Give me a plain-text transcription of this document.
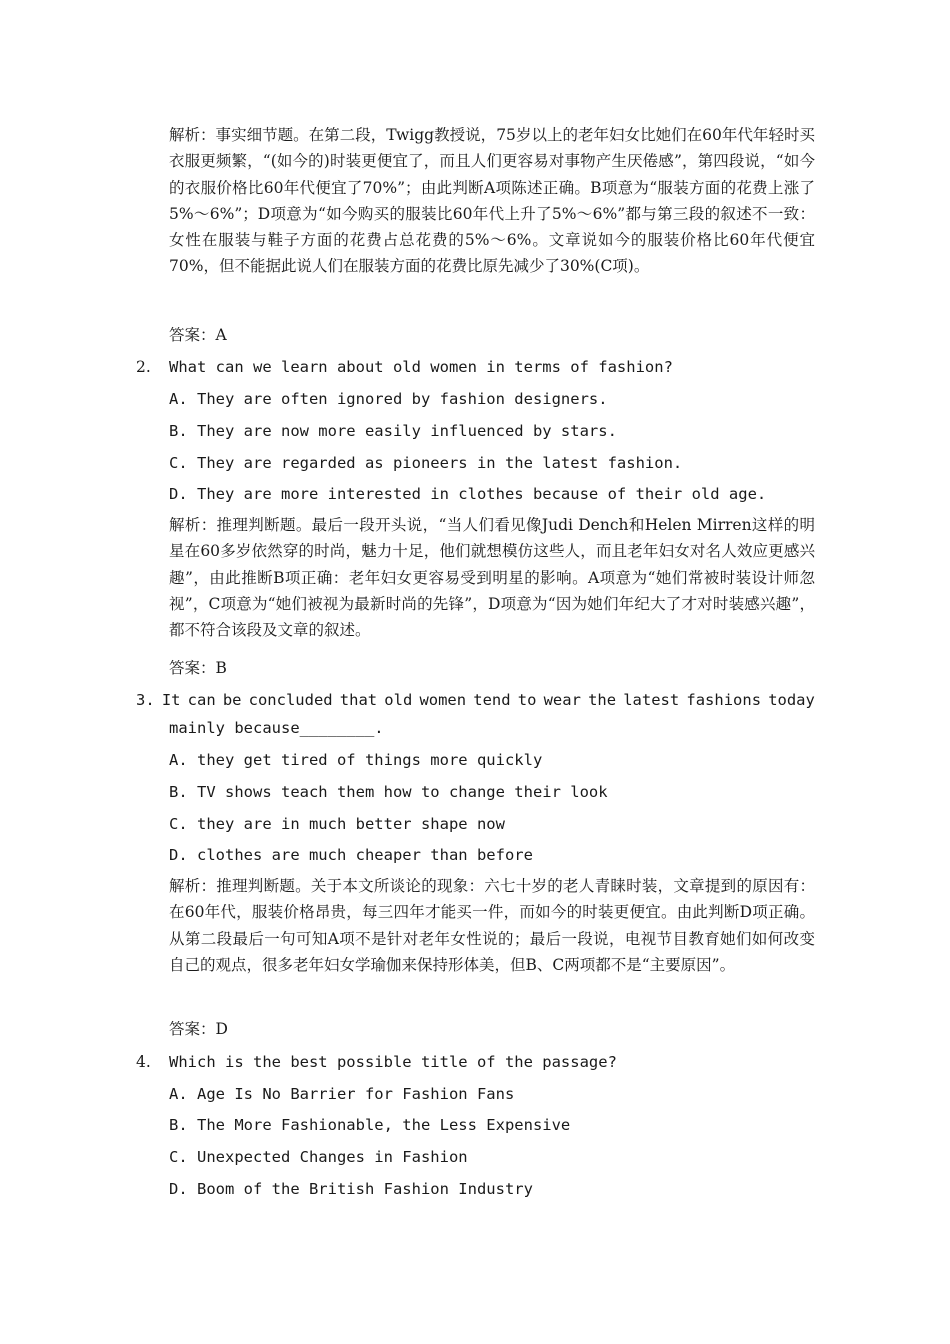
解析：事实细节题。在第二段，Twigg教授说，75岁以上的老年妇女比她们在60年代年轻时买衣服更频繁，“(如今的)时装更便宜了，而且人们更容易对事物产生厌倦感”，第四段说，“如今的衣服价格比60年代便宜了70%”；由此判断A项陈述正确。B项意为“服装方面的花费上涨了5%～6%”；D项意为“如今购买的服装比60年代上升了5%～6%”都与第三段的叙述不一致：女性在服装与鞋子方面的花费占总花费的5%～6%。文章说如今的服装价格比60年代便宜70%，但不能据此说人们在服装方面的花费比原先减少了30%(C项)。

答案：A
2. What can we learn about old women in terms of fashion?
A. They are often ignored by fashion designers.
B. They are now more easily influenced by stars.
C. They are regarded as pioneers in the latest fashion.
D. They are more interested in clothes because of their old age.

解析：推理判断题。最后一段开头说，“当人们看见像Judi Dench和Helen Mirren这样的明星在60多岁依然穿的时尚，魅力十足，他们就想模仿这些人，而且老年妇女对名人效应更感兴趣”，由此推断B项正确：老年妇女更容易受到明星的影响。A项意为“她们常被时装设计师忽视”，C项意为“她们被视为最新时尚的先锋”，D项意为“因为她们年纪大了才对时装感兴趣”，都不符合该段及文章的叙述。

答案：B
3. It can be concluded that old women tend to wear the latest fashions today
mainly because________.
A. they get tired of things more quickly
B. TV shows teach them how to change their look
C. they are in much better shape now
D. clothes are much cheaper than before

解析：推理判断题。关于本文所谈论的现象：六七十岁的老人青睐时装，文章提到的原因有：在60年代，服装价格昂贵，每三四年才能买一件，而如今的时装更便宜。由此判断D项正确。从第二段最后一句可知A项不是针对老年女性说的；最后一段说，电视节目教育她们如何改变自己的观点，很多老年妇女学瑜伽来保持形体美，但B、C两项都不是“主要原因”。

答案：D
4. Which is the best possible title of the passage?
A. Age Is No Barrier for Fashion Fans
B. The More Fashionable, the Less Expensive
C. Unexpected Changes in Fashion
D. Boom of the British Fashion Industry
